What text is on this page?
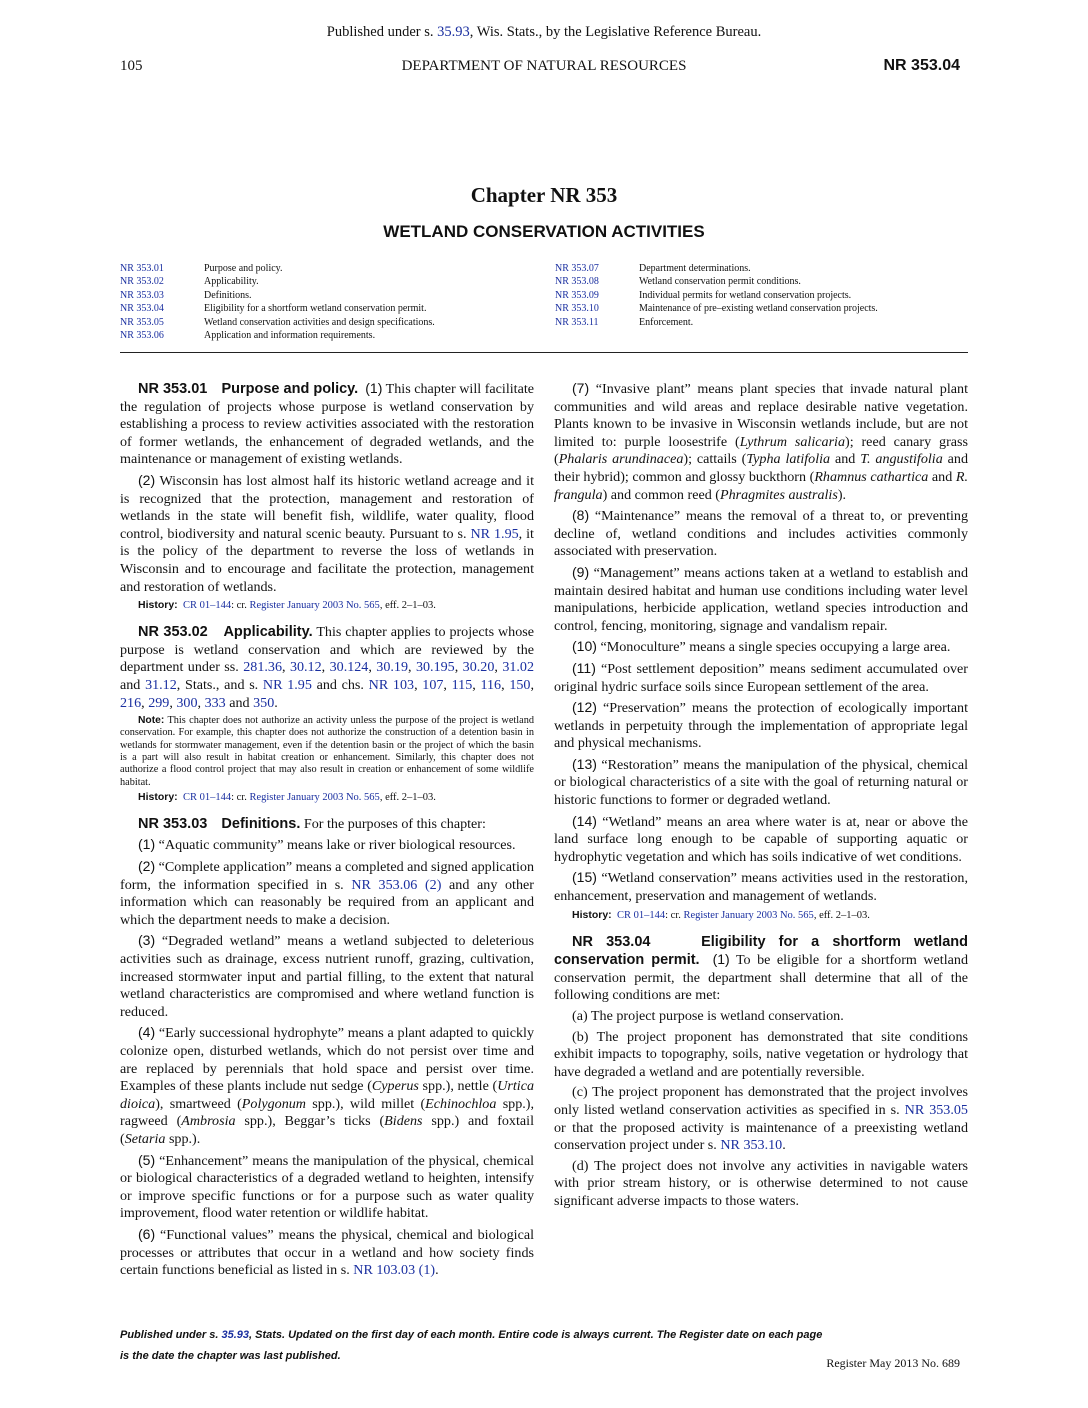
Published under s. 35.93, Wis. Stats., by the Legislative Reference Bureau.
105	DEPARTMENT OF NATURAL RESOURCES	NR 353.04
Chapter NR 353
WETLAND CONSERVATION ACTIVITIES
NR 353.01	Purpose and policy.
NR 353.02	Applicability.
NR 353.03	Definitions.
NR 353.04	Eligibility for a shortform wetland conservation permit.
NR 353.05	Wetland conservation activities and design specifications.
NR 353.06	Application and information requirements.
NR 353.07	Department determinations.
NR 353.08	Wetland conservation permit conditions.
NR 353.09	Individual permits for wetland conservation projects.
NR 353.10	Maintenance of pre–existing wetland conservation projects.
NR 353.11	Enforcement.

NR 353.01 Purpose and policy. (1) This chapter will facilitate the regulation of projects whose purpose is wetland conservation by establishing a process to review activities associated with the restoration of former wetlands, the enhancement of degraded wetlands, and the maintenance or management of existing wetlands.

(2) Wisconsin has lost almost half its historic wetland acreage and it is recognized that the protection, management and restoration of wetlands in the state will benefit fish, wildlife, water quality, flood control, biodiversity and natural scenic beauty. Pursuant to s. NR 1.95, it is the policy of the department to reverse the loss of wetlands in Wisconsin and to encourage and facilitate the protection, management and restoration of wetlands.

History: CR 01–144: cr. Register January 2003 No. 565, eff. 2–1–03.

NR 353.02 Applicability. This chapter applies to projects whose purpose is wetland conservation and which are reviewed by the department under ss. 281.36, 30.12, 30.124, 30.19, 30.195, 30.20, 31.02 and 31.12, Stats., and s. NR 1.95 and chs. NR 103, 107, 115, 116, 150, 216, 299, 300, 333 and 350.

Note: This chapter does not authorize an activity unless the purpose of the project is wetland conservation. For example, this chapter does not authorize the construction of a detention basin in wetlands for stormwater management, even if the detention basin or the project of which the basin is a part will also result in habitat creation or enhancement. Similarly, this chapter does not authorize a flood control project that may also result in creation or enhancement of some wildlife habitat.

History: CR 01–144: cr. Register January 2003 No. 565, eff. 2–1–03.

NR 353.03 Definitions. For the purposes of this chapter:

(1) “Aquatic community” means lake or river biological resources.

(2) “Complete application” means a completed and signed application form, the information specified in s. NR 353.06 (2) and any other information which can reasonably be required from an applicant and which the department needs to make a decision.

(3) “Degraded wetland” means a wetland subjected to deleterious activities such as drainage, excess nutrient runoff, grazing, cultivation, increased stormwater input and partial filling, to the extent that natural wetland characteristics are compromised and where wetland function is reduced.

(4) “Early successional hydrophyte” means a plant adapted to quickly colonize open, disturbed wetlands, which do not persist over time and are replaced by perennials that hold space and persist over time. Examples of these plants include nut sedge (Cyperus spp.), nettle (Urtica dioica), smartweed (Polygonum spp.), wild millet (Echinochloa spp.), ragweed (Ambrosia spp.), Beggar’s ticks (Bidens spp.) and foxtail (Setaria spp.).

(5) “Enhancement” means the manipulation of the physical, chemical or biological characteristics of a degraded wetland to heighten, intensify or improve specific functions or for a purpose such as water quality improvement, flood water retention or wildlife habitat.

(6) “Functional values” means the physical, chemical and biological processes or attributes that occur in a wetland and how society finds certain functions beneficial as listed in s. NR 103.03 (1).

(7) “Invasive plant” means plant species that invade natural plant communities and wild areas and replace desirable native vegetation. Plants known to be invasive in Wisconsin wetlands include, but are not limited to: purple loosestrife (Lythrum salicaria); reed canary grass (Phalaris arundinacea); cattails (Typha latifolia and T. angustifolia and their hybrid); common and glossy buckthorn (Rhamnus cathartica and R. frangula) and common reed (Phragmites australis).

(8) “Maintenance” means the removal of a threat to, or preventing decline of, wetland conditions and includes activities commonly associated with preservation.

(9) “Management” means actions taken at a wetland to establish and maintain desired habitat and human use conditions including water level manipulations, herbicide application, wetland species introduction and control, fencing, monitoring, signage and vandalism repair.

(10) “Monoculture” means a single species occupying a large area.

(11) “Post settlement deposition” means sediment accumulated over original hydric surface soils since European settlement of the area.

(12) “Preservation” means the protection of ecologically important wetlands in perpetuity through the implementation of appropriate legal and physical mechanisms.

(13) “Restoration” means the manipulation of the physical, chemical or biological characteristics of a site with the goal of returning natural or historic functions to former or degraded wetland.

(14) “Wetland” means an area where water is at, near or above the land surface long enough to be capable of supporting aquatic or hydrophytic vegetation and which has soils indicative of wet conditions.

(15) “Wetland conservation” means activities used in the restoration, enhancement, preservation and management of wetlands.

History: CR 01–144: cr. Register January 2003 No. 565, eff. 2–1–03.

NR 353.04	Eligibility for a shortform wetland conservation permit. (1) To be eligible for a shortform wetland conservation permit, the department shall determine that all of the following conditions are met:

(a) The project purpose is wetland conservation.

(b) The project proponent has demonstrated that site conditions exhibit impacts to topography, soils, native vegetation or hydrology that have degraded a wetland and are potentially reversible.

(c) The project proponent has demonstrated that the project involves only listed wetland conservation activities as specified in s. NR 353.05 or that the proposed activity is maintenance of a preexisting wetland conservation project under s. NR 353.10.

(d) The project does not involve any activities in navigable waters with prior stream history, or is otherwise determined to not cause significant adverse impacts to those waters.

Published under s. 35.93, Stats. Updated on the first day of each month. Entire code is always current. The Register date on each page
is the date the chapter was last published.	Register May 2013 No. 689
